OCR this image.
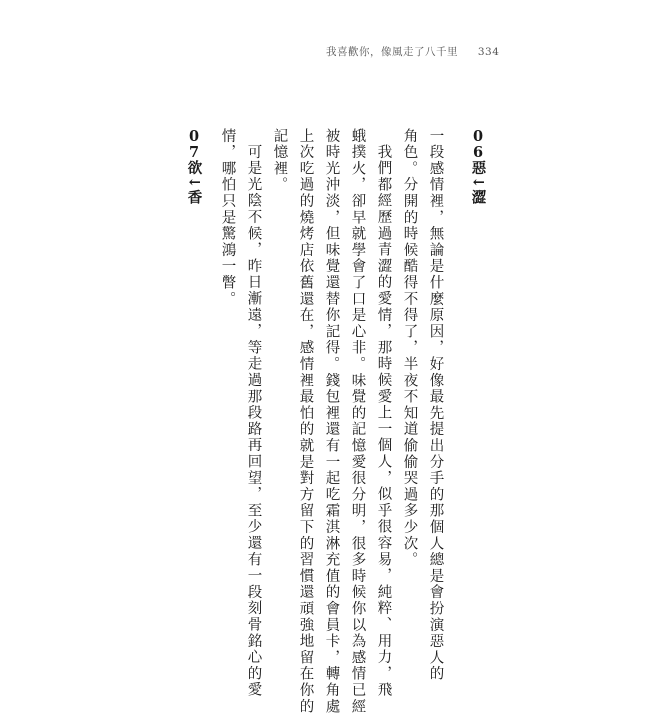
我喜歡你，像風走了八千里 334
06惡↓澀
一段感情裡，無論是什麼原因，好像最先提出分手的那個人總是會扮演惡人的
角色。分開的時候酷得不得了，半夜不知道偷偷哭過多少次。
我們都經歷過青澀的愛情，那時候愛上一個人，似乎很容易，純粹、用力，飛
蛾撲火，卻早就學會了口是心非。味覺的記憶愛很分明，很多時候你以為感情已經
被時光沖淡，但味覺還替你記得。錢包裡還有一起吃霜淇淋充值的會員卡，轉角處
上次吃過的燒烤店依舊還在，感情裡最怕的就是對方留下的習慣還頑強地留在你的
記憶裡。
可是光陰不候，昨日漸遠，等走過那段路再回望，至少還有一段刻骨銘心的愛
情，哪怕只是驚鴻一瞥。
07欲↓香
